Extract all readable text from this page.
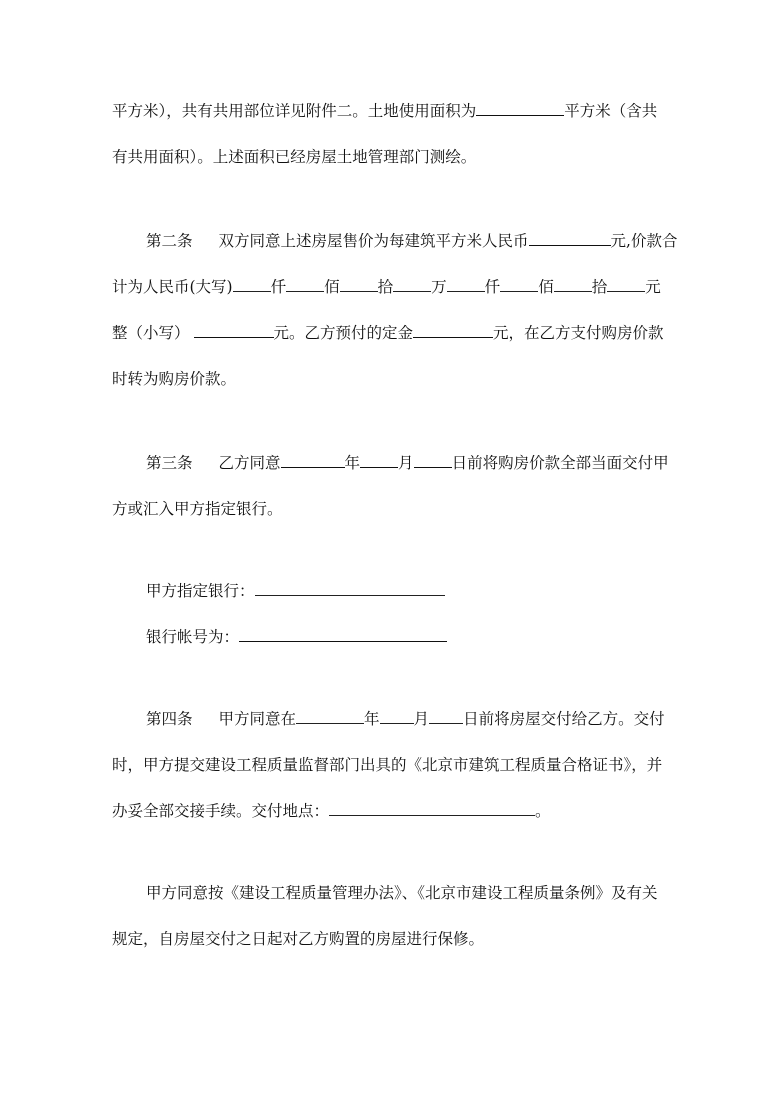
平方米），共有共用部位详见附件二。土地使用面积为	平方米（含共
有共用面积）。上述面积已经房屋土地管理部门测绘。
第二条 双方同意上述房屋售价为每建筑平方米人民币	元,价款合
计为人民币(大写) 仟 佰 拾 万 仟 佰 拾 元
整（小写）	元。乙方预付的定金	元，在乙方支付购房价款
时转为购房价款。
第三条 乙方同意	年 月 日前将购房价款全部当面交付甲
方或汇入甲方指定银行。
甲方指定银行：
银行帐号为：
第四条 甲方同意在	年 月 日前将房屋交付给乙方。交付
时，甲方提交建设工程质量监督部门出具的《北京市建筑工程质量合格证书》，并
办妥全部交接手续。交付地点：	。
甲方同意按《建设工程质量管理办法》、《北京市建设工程质量条例》及有关
规定，自房屋交付之日起对乙方购置的房屋进行保修。
